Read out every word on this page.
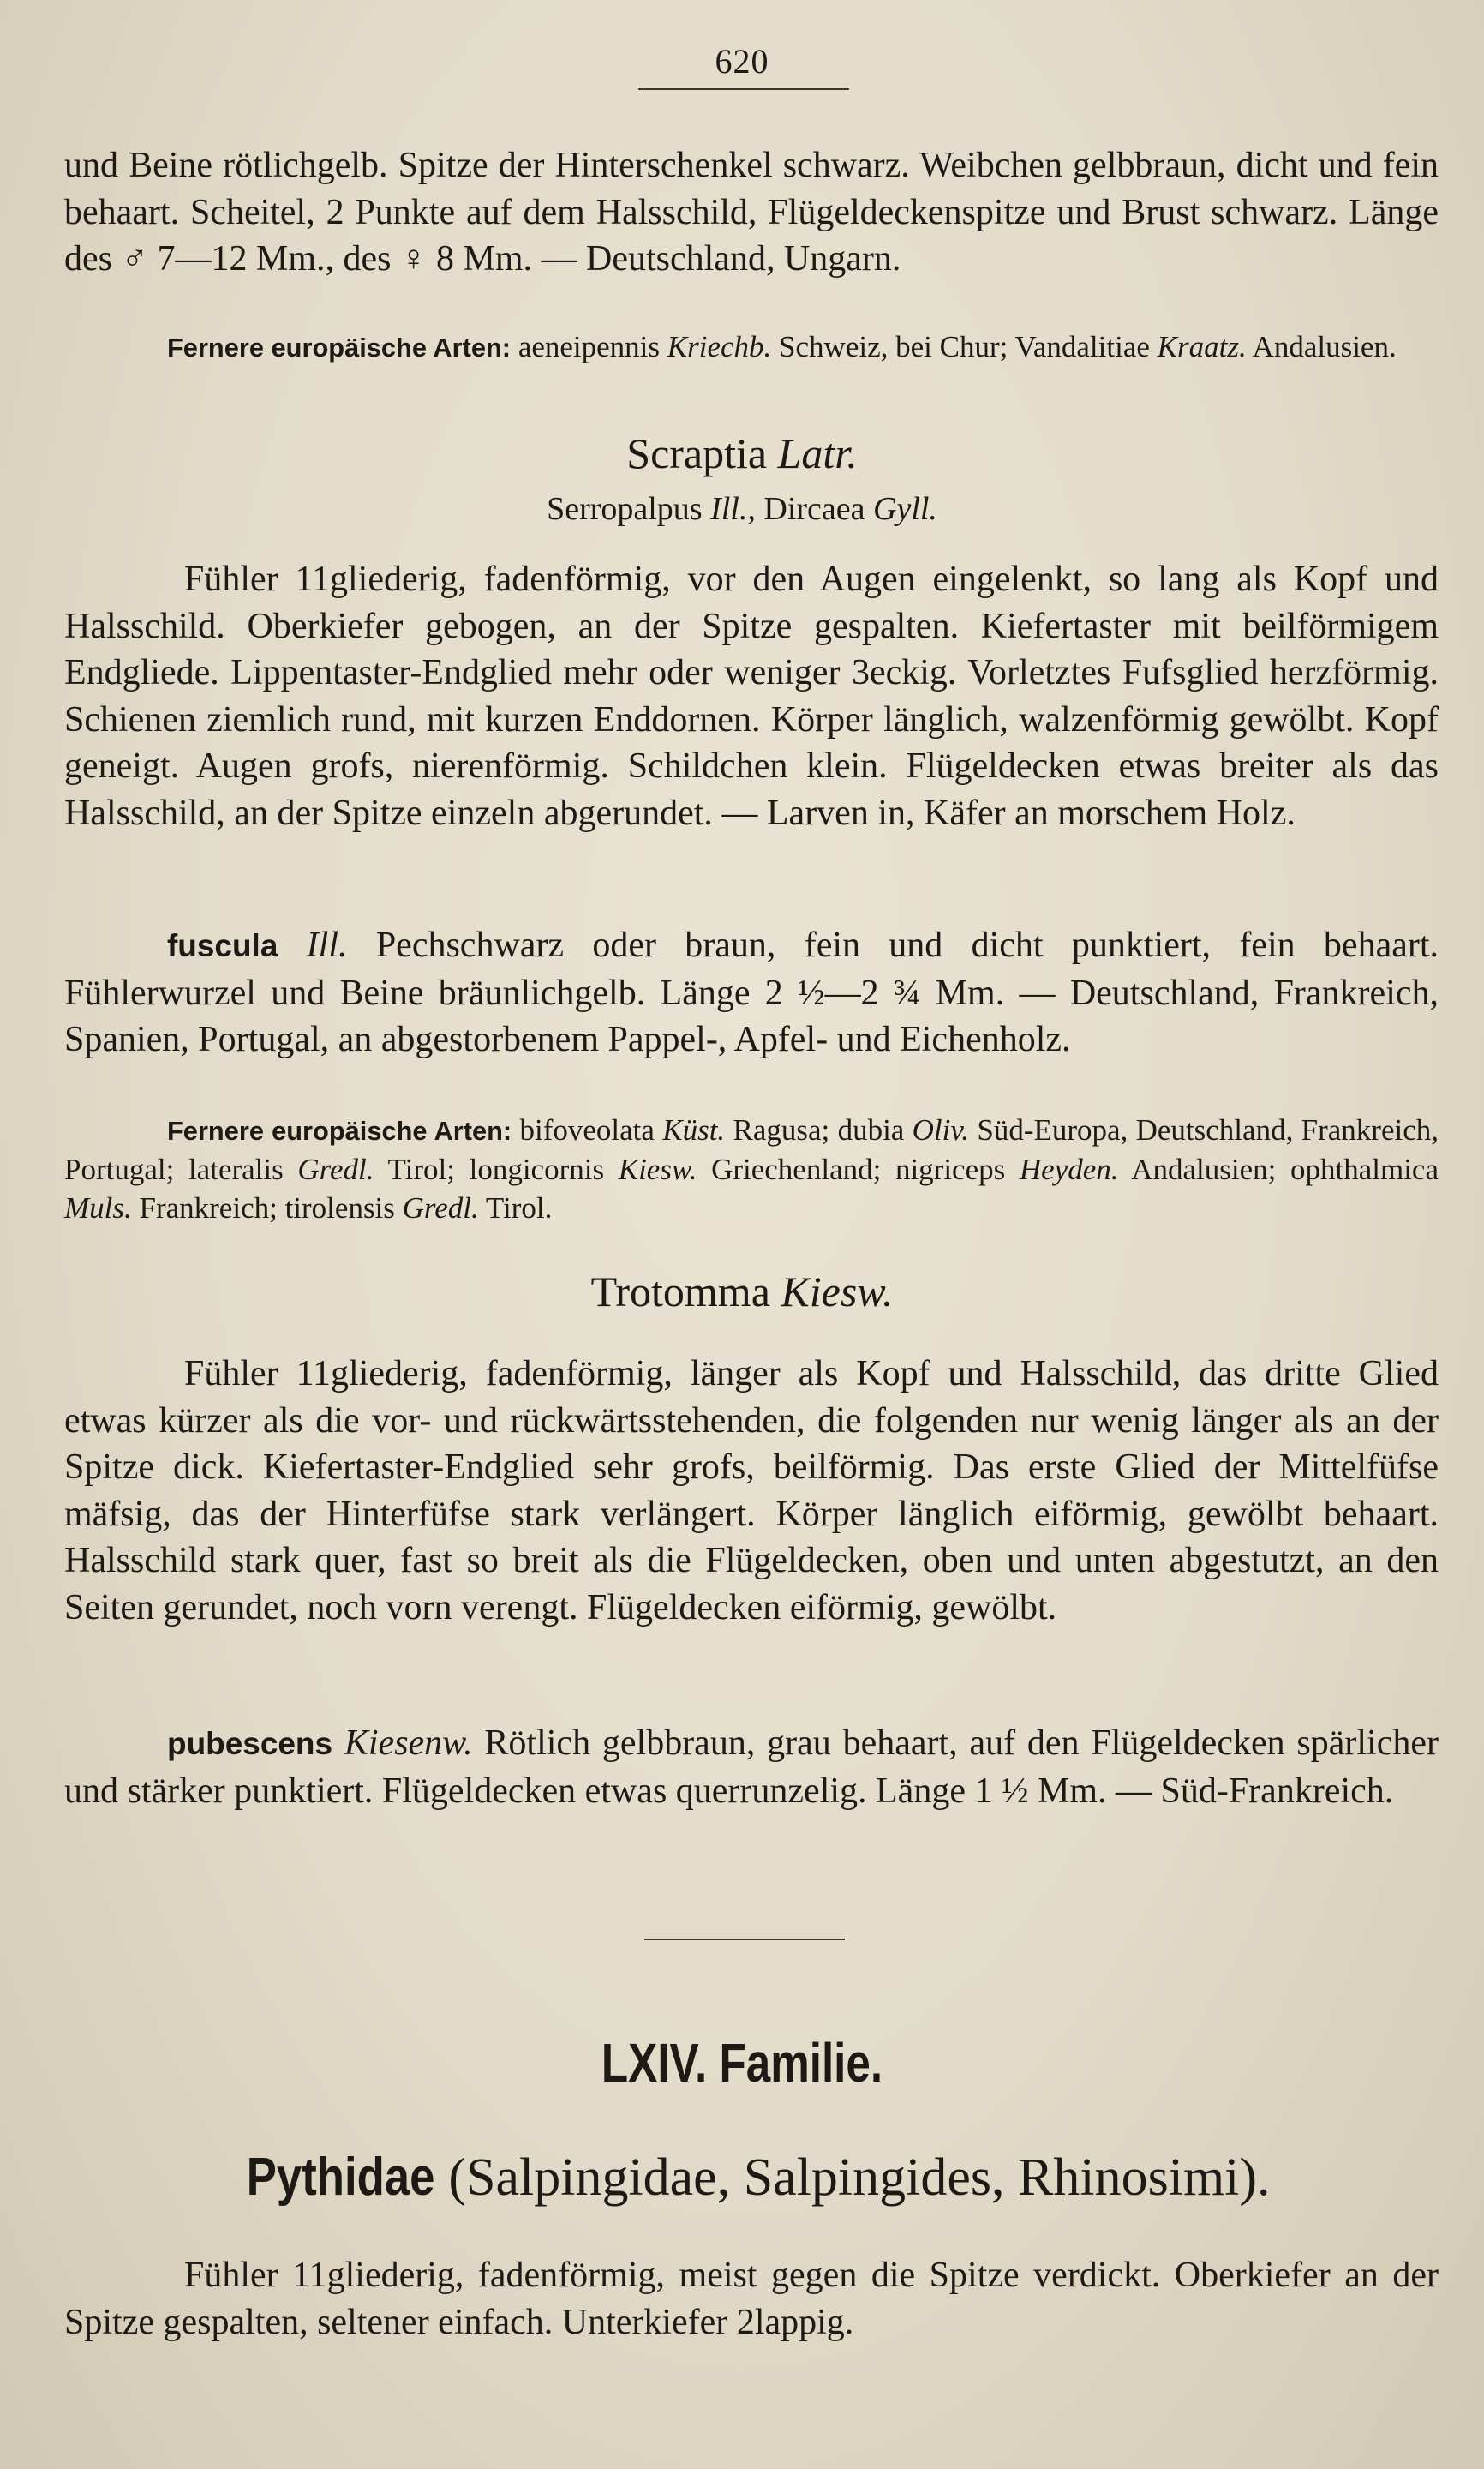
620
und Beine rötlichgelb. Spitze der Hinterschenkel schwarz. Weibchen gelbbraun, dicht und fein behaart. Scheitel, 2 Punkte auf dem Halsschild, Flügeldeckenspitze und Brust schwarz. Länge des ♂ 7—12 Mm., des ♀ 8 Mm. — Deutschland, Ungarn.
Fernere europäische Arten: aeneipennis Kriechb. Schweiz, bei Chur; Vandalitiae Kraatz. Andalusien.
Scraptia Latr.
Serropalpus Ill., Dircaea Gyll.
Fühler 11gliederig, fadenförmig, vor den Augen eingelenkt, so lang als Kopf und Halsschild. Oberkiefer gebogen, an der Spitze gespalten. Kiefertaster mit beilförmigem Endgliede. Lippentaster-Endglied mehr oder weniger 3eckig. Vorletztes Fufsglied herzförmig. Schienen ziemlich rund, mit kurzen Enddornen. Körper länglich, walzenförmig gewölbt. Kopf geneigt. Augen grofs, nierenförmig. Schildchen klein. Flügeldecken etwas breiter als das Halsschild, an der Spitze einzeln abgerundet. — Larven in, Käfer an morschem Holz.
fuscula Ill. Pechschwarz oder braun, fein und dicht punktiert, fein behaart. Fühlerwurzel und Beine bräunlichgelb. Länge 2 ½—2 ¾ Mm. — Deutschland, Frankreich, Spanien, Portugal, an abgestorbenem Pappel-, Apfel- und Eichenholz.
Fernere europäische Arten: bifoveolata Küst. Ragusa; dubia Oliv. Süd-Europa, Deutschland, Frankreich, Portugal; lateralis Gredl. Tirol; longicornis Kiesw. Griechenland; nigriceps Heyden. Andalusien; ophthalmica Muls. Frankreich; tirolensis Gredl. Tirol.
Trotomma Kiesw.
Fühler 11gliederig, fadenförmig, länger als Kopf und Halsschild, das dritte Glied etwas kürzer als die vor- und rückwärtsstehenden, die folgenden nur wenig länger als an der Spitze dick. Kiefertaster-Endglied sehr grofs, beilförmig. Das erste Glied der Mittelfüfse mäfsig, das der Hinterfüfse stark verlängert. Körper länglich eiförmig, gewölbt behaart. Halsschild stark quer, fast so breit als die Flügeldecken, oben und unten abgestutzt, an den Seiten gerundet, noch vorn verengt. Flügeldecken eiförmig, gewölbt.
pubescens Kiesenw. Rötlich gelbbraun, grau behaart, auf den Flügeldecken spärlicher und stärker punktiert. Flügeldecken etwas querrunzelig. Länge 1 ½ Mm. — Süd-Frankreich.
LXIV. Familie.
Pythidae (Salpingidae, Salpingides, Rhinosimi).
Fühler 11gliederig, fadenförmig, meist gegen die Spitze verdickt. Oberkiefer an der Spitze gespalten, seltener einfach. Unterkiefer 2lappig.
